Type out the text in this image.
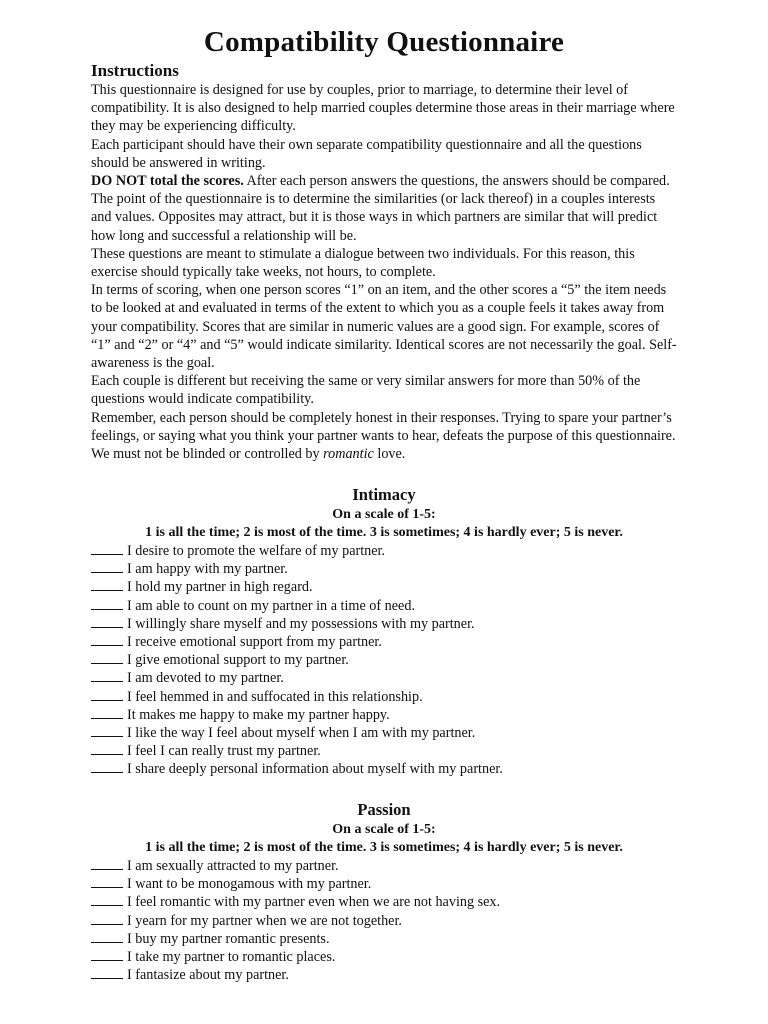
Compatibility Questionnaire
Instructions

This questionnaire is designed for use by couples, prior to marriage, to determine their level of compatibility. It is also designed to help married couples determine those areas in their marriage where they may be experiencing difficulty.

Each participant should have their own separate compatibility questionnaire and all the questions should be answered in writing.

DO NOT total the scores. After each person answers the questions, the answers should be compared. The point of the questionnaire is to determine the similarities (or lack thereof) in a couples interests and values. Opposites may attract, but it is those ways in which partners are similar that will predict how long and successful a relationship will be.

These questions are meant to stimulate a dialogue between two individuals. For this reason, this exercise should typically take weeks, not hours, to complete.

In terms of scoring, when one person scores “1” on an item, and the other scores a “5” the item needs to be looked at and evaluated in terms of the extent to which you as a couple feels it takes away from your compatibility. Scores that are similar in numeric values are a good sign. For example, scores of “1” and “2” or “4” and “5” would indicate similarity. Identical scores are not necessarily the goal. Self-awareness is the goal.

Each couple is different but receiving the same or very similar answers for more than 50% of the questions would indicate compatibility.

Remember, each person should be completely honest in their responses. Trying to spare your partner’s feelings, or saying what you think your partner wants to hear, defeats the purpose of this questionnaire. We must not be blinded or controlled by romantic love.

Intimacy
On a scale of 1-5:
1 is all the time; 2 is most of the time. 3 is sometimes; 4 is hardly ever; 5 is never.
I desire to promote the welfare of my partner.
I am happy with my partner.
I hold my partner in high regard.
I am able to count on my partner in a time of need.
I willingly share myself and my possessions with my partner.
I receive emotional support from my partner.
I give emotional support to my partner.
I am devoted to my partner.
I feel hemmed in and suffocated in this relationship.
It makes me happy to make my partner happy.
I like the way I feel about myself when I am with my partner.
I feel I can really trust my partner.
I share deeply personal information about myself with my partner.
Passion
On a scale of 1-5:
1 is all the time; 2 is most of the time. 3 is sometimes; 4 is hardly ever; 5 is never.
I am sexually attracted to my partner.
I want to be monogamous with my partner.
I feel romantic with my partner even when we are not having sex.
I yearn for my partner when we are not together.
I buy my partner romantic presents.
I take my partner to romantic places.
I fantasize about my partner.
